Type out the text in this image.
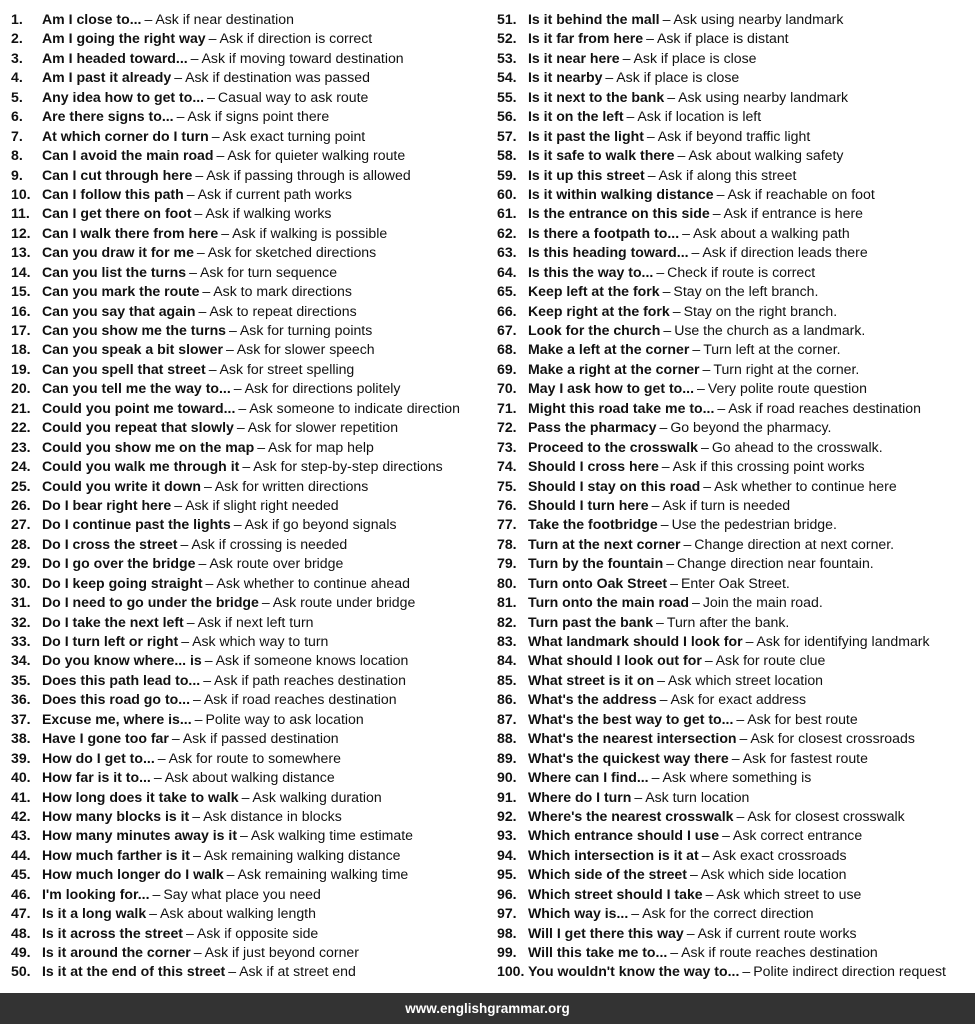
1.	Am I close to... – Ask if near destination
2.	Am I going the right way – Ask if direction is correct
3.	Am I headed toward... – Ask if moving toward destination
4.	Am I past it already – Ask if destination was passed
5.	Any idea how to get to... – Casual way to ask route
6.	Are there signs to... – Ask if signs point there
7.	At which corner do I turn – Ask exact turning point
8.	Can I avoid the main road – Ask for quieter walking route
9.	Can I cut through here – Ask if passing through is allowed
10. Can I follow this path – Ask if current path works
11. Can I get there on foot – Ask if walking works
12. Can I walk there from here – Ask if walking is possible
13. Can you draw it for me – Ask for sketched directions
14. Can you list the turns – Ask for turn sequence
15. Can you mark the route – Ask to mark directions
16. Can you say that again – Ask to repeat directions
17. Can you show me the turns – Ask for turning points
18. Can you speak a bit slower – Ask for slower speech
19. Can you spell that street – Ask for street spelling
20. Can you tell me the way to... – Ask for directions politely
21. Could you point me toward... – Ask someone to indicate direction
22. Could you repeat that slowly – Ask for slower repetition
23. Could you show me on the map – Ask for map help
24. Could you walk me through it – Ask for step-by-step directions
25. Could you write it down – Ask for written directions
26. Do I bear right here – Ask if slight right needed
27. Do I continue past the lights – Ask if go beyond signals
28. Do I cross the street – Ask if crossing is needed
29. Do I go over the bridge – Ask route over bridge
30. Do I keep going straight – Ask whether to continue ahead
31. Do I need to go under the bridge – Ask route under bridge
32. Do I take the next left – Ask if next left turn
33. Do I turn left or right – Ask which way to turn
34. Do you know where... is – Ask if someone knows location
35. Does this path lead to... – Ask if path reaches destination
36. Does this road go to... – Ask if road reaches destination
37. Excuse me, where is... – Polite way to ask location
38. Have I gone too far – Ask if passed destination
39. How do I get to... – Ask for route to somewhere
40. How far is it to... – Ask about walking distance
41. How long does it take to walk – Ask walking duration
42. How many blocks is it – Ask distance in blocks
43. How many minutes away is it – Ask walking time estimate
44. How much farther is it – Ask remaining walking distance
45. How much longer do I walk – Ask remaining walking time
46. I'm looking for... – Say what place you need
47. Is it a long walk – Ask about walking length
48. Is it across the street – Ask if opposite side
49. Is it around the corner – Ask if just beyond corner
50. Is it at the end of this street – Ask if at street end
51. Is it behind the mall – Ask using nearby landmark
52. Is it far from here – Ask if place is distant
53. Is it near here – Ask if place is close
54. Is it nearby – Ask if place is close
55. Is it next to the bank – Ask using nearby landmark
56. Is it on the left – Ask if location is left
57. Is it past the light – Ask if beyond traffic light
58. Is it safe to walk there – Ask about walking safety
59. Is it up this street – Ask if along this street
60. Is it within walking distance – Ask if reachable on foot
61. Is the entrance on this side – Ask if entrance is here
62. Is there a footpath to... – Ask about a walking path
63. Is this heading toward... – Ask if direction leads there
64. Is this the way to... – Check if route is correct
65. Keep left at the fork – Stay on the left branch.
66. Keep right at the fork – Stay on the right branch.
67. Look for the church – Use the church as a landmark.
68. Make a left at the corner – Turn left at the corner.
69. Make a right at the corner – Turn right at the corner.
70. May I ask how to get to... – Very polite route question
71. Might this road take me to... – Ask if road reaches destination
72. Pass the pharmacy – Go beyond the pharmacy.
73. Proceed to the crosswalk – Go ahead to the crosswalk.
74. Should I cross here – Ask if this crossing point works
75. Should I stay on this road – Ask whether to continue here
76. Should I turn here – Ask if turn is needed
77. Take the footbridge – Use the pedestrian bridge.
78. Turn at the next corner – Change direction at next corner.
79. Turn by the fountain – Change direction near fountain.
80. Turn onto Oak Street – Enter Oak Street.
81. Turn onto the main road – Join the main road.
82. Turn past the bank – Turn after the bank.
83. What landmark should I look for – Ask for identifying landmark
84. What should I look out for – Ask for route clue
85. What street is it on – Ask which street location
86. What's the address – Ask for exact address
87. What's the best way to get to... – Ask for best route
88. What's the nearest intersection – Ask for closest crossroads
89. What's the quickest way there – Ask for fastest route
90. Where can I find... – Ask where something is
91. Where do I turn – Ask turn location
92. Where's the nearest crosswalk – Ask for closest crosswalk
93. Which entrance should I use – Ask correct entrance
94. Which intersection is it at – Ask exact crossroads
95. Which side of the street – Ask which side location
96. Which street should I take – Ask which street to use
97. Which way is... – Ask for the correct direction
98. Will I get there this way – Ask if current route works
99. Will this take me to... – Ask if route reaches destination
100. You wouldn't know the way to... – Polite indirect direction request
www.englishgrammar.org
